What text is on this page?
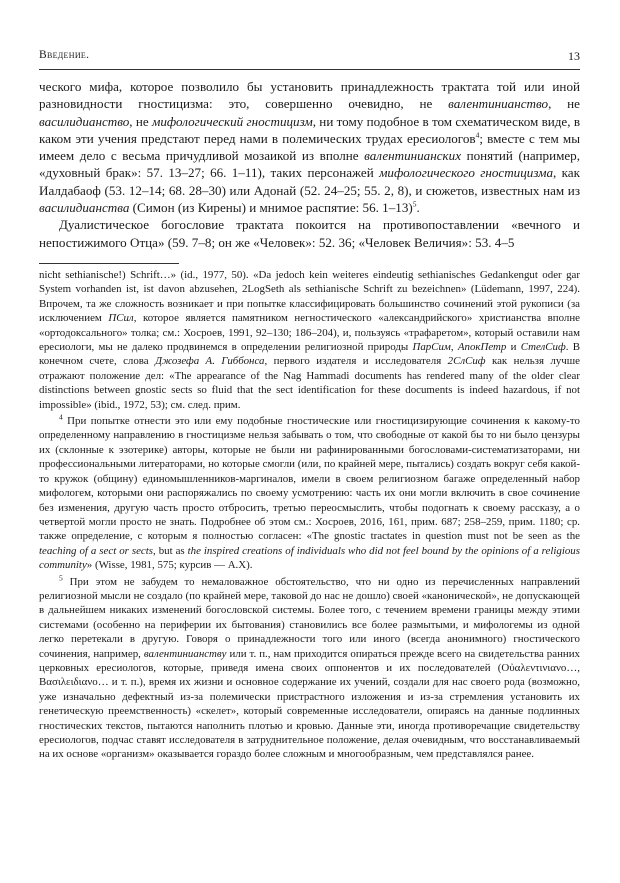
Введение.	13

ческого мифа, которое позволило бы установить принадлежность трактата той или иной разновидности гностицизма: это, совершенно очевидно, не валентинианство, не василидианство, не мифологический гностицизм, ни тому подобное в том схематическом виде, в каком эти учения предстают перед нами в полемических трудах ересиологов$^4$; вместе с тем мы имеем дело с весьма причудливой мозаикой из вполне валентинианских понятий (например, «духовный брак»: 57. 13–27; 66. 1–11), таких персонажей мифологического гностицизма, как Иалдабаоф (53. 12–14; 68. 28–30) или Адонай (52. 24–25; 55. 2, 8), и сюжетов, известных нам из василидианства (Симон (из Кирены) и мнимое распятие: 56. 1–13)$^5$.

Дуалистическое богословие трактата покоится на противопоставлении «вечного и непостижимого Отца» (59. 7–8; он же «Человек»: 52. 36; «Человек Величия»: 53. 4–5

nicht sethianische!) Schrift…» (id., 1977, 50). «Da jedoch kein weiteres eindeutig sethianisches Gedankengut oder gar System vorhanden ist, ist davon abzusehen, 2LogSeth als sethianische Schrift zu bezeichnen» (Lüdemann, 1997, 224). Впрочем, та же сложность возникает и при попытке классифицировать большинство сочинений этой рукописи (за исключением ПСил, которое является памятником негностического «александрийского» христианства вполне «ортодоксального» толка; см.: Хосроев, 1991, 92–130; 186–204), и, пользуясь «трафаретом», который оставили нам ересиологи, мы не далеко продвинемся в определении религиозной природы ПарСим, АпокПетр и СтелСиф. В конечном счете, слова Джозефа А. Гиббонса, первого издателя и исследователя 2СлСиф как нельзя лучше отражают положение дел: «The appearance of the Nag Hammadi documents has rendered many of the older clear distinctions between gnostic sects so fluid that the sect identification for these documents is indeed hazardous, if not impossible» (ibid., 1972, 53); см. след. прим.

$^4$ При попытке отнести это или ему подобные гностические или гностицизирующие сочинения к какому-то определенному направлению в гностицизме нельзя забывать о том, что свободные от какой бы то ни было цензуры их (склонные к эзотерике) авторы, которые не были ни рафинированными богословами-систематизаторами, ни профессиональными литераторами, но которые смогли (или, по крайней мере, пытались) создать вокруг себя какой-то кружок (общину) единомышленников-маргиналов, имели в своем религиозном багаже определенный набор мифологем, которыми они распоряжались по своему усмотрению: часть их они могли включить в свое сочинение без изменения, другую часть просто отбросить, третью переосмыслить, чтобы подогнать к своему рассказу, а о четвертой могли просто не знать. Подробнее об этом см.: Хосроев, 2016, 161, прим. 687; 258–259, прим. 1180; ср. также определение, с которым я полностью согласен: «The gnostic tractates in question must not be seen as the teaching of a sect or sects, but as the inspired creations of individuals who did not feel bound by the opinions of a religious community» (Wisse, 1981, 575; курсив — А.Х).

$^5$ При этом не забудем то немаловажное обстоятельство, что ни одно из перечисленных направлений религиозной мысли не создало (по крайней мере, таковой до нас не дошло) своей «канонической», не допускающей в дальнейшем никаких изменений богословской системы. Более того, с течением времени границы между этими системами (особенно на периферии их бытования) становились все более размытыми, и мифологемы из одной легко перетекали в другую. Говоря о принадлежности того или иного (всегда анонимного) гностического сочинения, например, валентинианству или т. п., нам приходится опираться прежде всего на свидетельства ранних церковных ересиологов, которые, приведя имена своих оппонентов и их последователей (Οὐαλεντινιανο…, Βασιλειδιανο… и т. п.), время их жизни и основное содержание их учений, создали для нас своего рода (возможно, уже изначально дефектный из-за полемически пристрастного изложения и из-за стремления установить их генетическую преемственность) «скелет», который современные исследователи, опираясь на данные подлинных гностических текстов, пытаются наполнить плотью и кровью. Данные эти, иногда противоречащие свидетельству ересиологов, подчас ставят исследователя в затруднительное положение, делая очевидным, что восстанавливаемый на их основе «организм» оказывается гораздо более сложным и многообразным, чем представлялся ранее.
